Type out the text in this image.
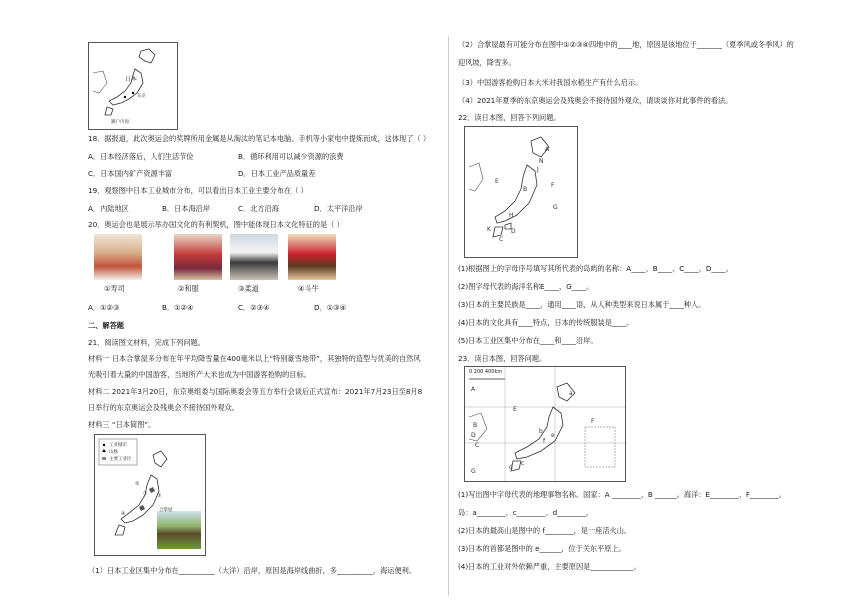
日本
东京
濑户内海
18．据报道，此次奥运会的奖牌所用金属是从淘汰的笔记本电脑、手机等小家电中提炼而成，这体现了（ ）
A．日本经济落后，人们生活节俭	B．循环利用可以减少资源的浪费
C．日本国内矿产资源丰富	D．日本工业产品质量差
19．观察图中日本工业城市分布，可以看出日本工业主要分布在（ ）
A．内陆地区	B．日本海沿岸	C．北方沿海	D．太平洋沿岸
20．奥运会也是展示举办国文化的有利契机，图中能体现日本文化特征的是（ ）
①寿司	②和服	③柔道	④斗牛
A．①②③	B．①②④	C．②③④	D．①③④
二、解答题
21．阅读图文材料，完成下列问题。
材料一 日本合掌屋多分布在年平均降雪量在400毫米以上“特别豪雪地带”，其独特的造型与优美的自然风
光吸引着大量的中国游客，当地所产大米也成为中国游客抢购的目标。
材料二 2021年3月20日，东京奥组委与国际奥委会等五方举行会谈后正式宣布：2021年7月23日至8月8
日举行的东京奥运会及残奥会不接待国外观众。
材料三 “日本简图”。
①
②
③
④
工业城市
山脉
主要工业区
合掌屋
（1）日本工业区集中分布在__________（大洋）沿岸，原因是海岸线曲折，多__________，海运便利。
（2）合掌屋最有可能分布在图中①②③④四地中的____地，原因是该地位于_______（夏季风或冬季风）的
迎风坡，降雪多。
（3）中国游客抢购日本大米对我国水稻生产有什么启示。
（4）2021年夏季的东京奥运会及残奥会不接待国外观众，请谈谈你对此事件的看法。
22．读日本图，回答下列问题。
A
B
C
D
E
F
G
H
J
K
N
(1)根据图上的字母序号填写其所代表的岛屿的名称：A____、B____、C____、D____。
(2)图字母代表的海洋名称E____、G____。
(3)日本的主要民族是____，通用____语，从人种类型来说日本属于____种人。
(4)日本的文化具有____特点，日本的传统服装是____。
(5)日本工业区集中分布在____和____沿岸。
23．读日本图，回答问题。
A
B
C
D
E
F
G
a
b
c
d
e
f
0 200 400km
(1)写出图中字母代表的地理事物名称。国家：A ________、B ______。海洋：E________、F________。
岛：a________、c________、d________。
(2)日本的最高山是图中的 f________，是一座活火山。
(3)日本的首都是图中的 e______，位于关东平原上。
(4)日本的工业对外依赖严重，主要原因是____________。
